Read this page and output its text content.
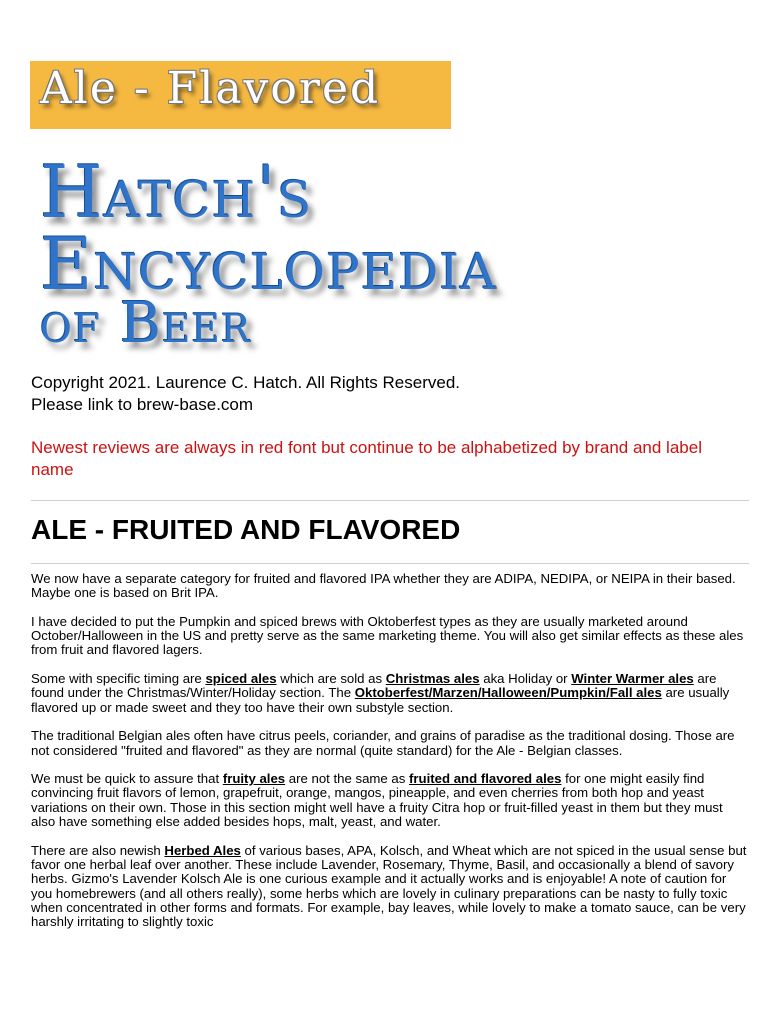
Ale - Flavored
Hatch's
Encyclopedia
of Beer
Copyright 2021. Laurence C. Hatch. All Rights Reserved.
Please link to brew-base.com
Newest reviews are always in red font but continue to be alphabetized by brand and label name
ALE - FRUITED AND FLAVORED

We now have a separate category for fruited and flavored IPA whether they are ADIPA, NEDIPA, or NEIPA in their based. Maybe one is based on Brit IPA.

I have decided to put the Pumpkin and spiced brews with Oktoberfest types as they are usually marketed around October/Halloween in the US and pretty serve as the same marketing theme. You will also get similar effects as these ales from fruit and flavored lagers.

Some with specific timing are spiced ales which are sold as Christmas ales aka Holiday or Winter Warmer ales are found under the Christmas/Winter/Holiday section. The Oktoberfest/Marzen/Halloween/Pumpkin/Fall ales are usually flavored up or made sweet and they too have their own substyle section.

The traditional Belgian ales often have citrus peels, coriander, and grains of paradise as the traditional dosing. Those are not considered "fruited and flavored" as they are normal (quite standard) for the Ale - Belgian classes.

We must be quick to assure that fruity ales are not the same as fruited and flavored ales for one might easily find convincing fruit flavors of lemon, grapefruit, orange, mangos, pineapple, and even cherries from both hop and yeast variations on their own. Those in this section might well have a fruity Citra hop or fruit-filled yeast in them but they must also have something else added besides hops, malt, yeast, and water.

There are also newish Herbed Ales of various bases, APA, Kolsch, and Wheat which are not spiced in the usual sense but favor one herbal leaf over another. These include Lavender, Rosemary, Thyme, Basil, and occasionally a blend of savory herbs. Gizmo's Lavender Kolsch Ale is one curious example and it actually works and is enjoyable! A note of caution for you homebrewers (and all others really), some herbs which are lovely in culinary preparations can be nasty to fully toxic when concentrated in other forms and formats. For example, bay leaves, while lovely to make a tomato sauce, can be very harshly irritating to slightly toxic
